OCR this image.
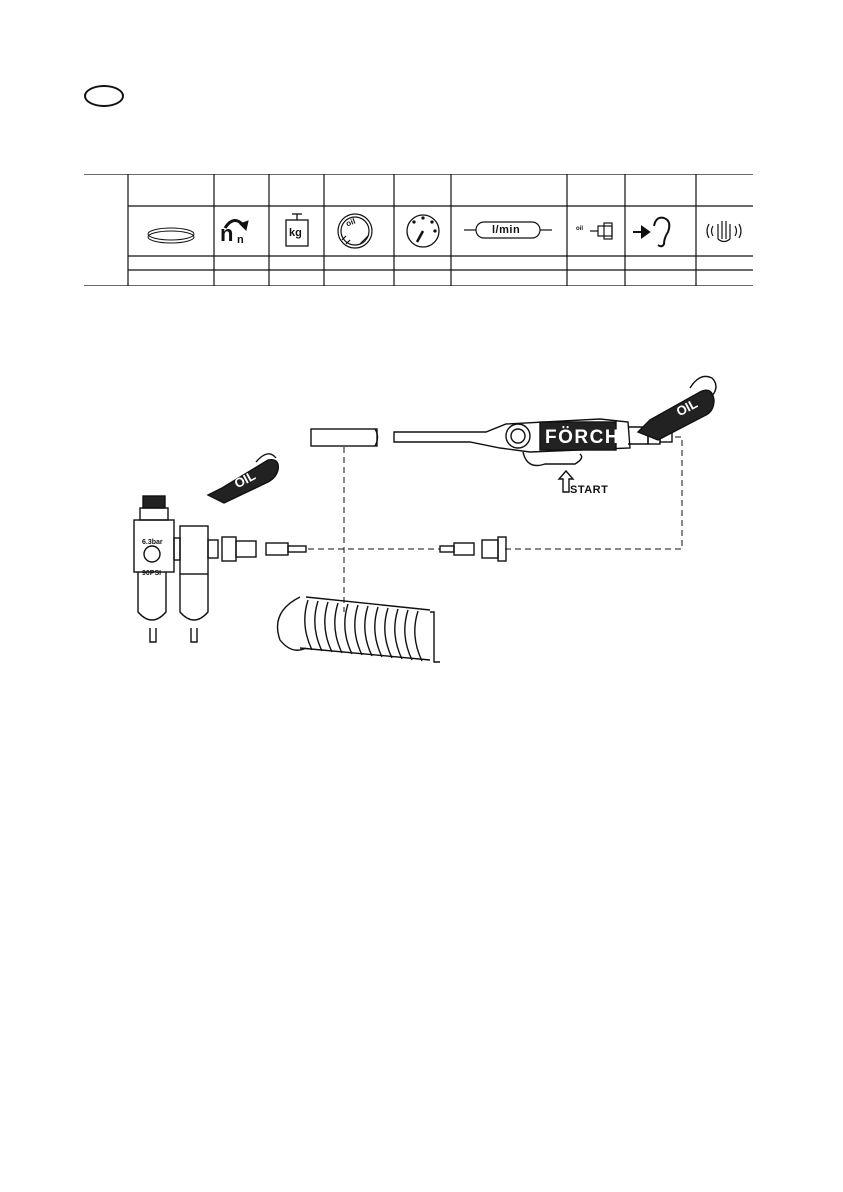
n n
kg
oil
l/min	oil
FÖRCH
START
OIL
OIL
6.3bar
90PSI
